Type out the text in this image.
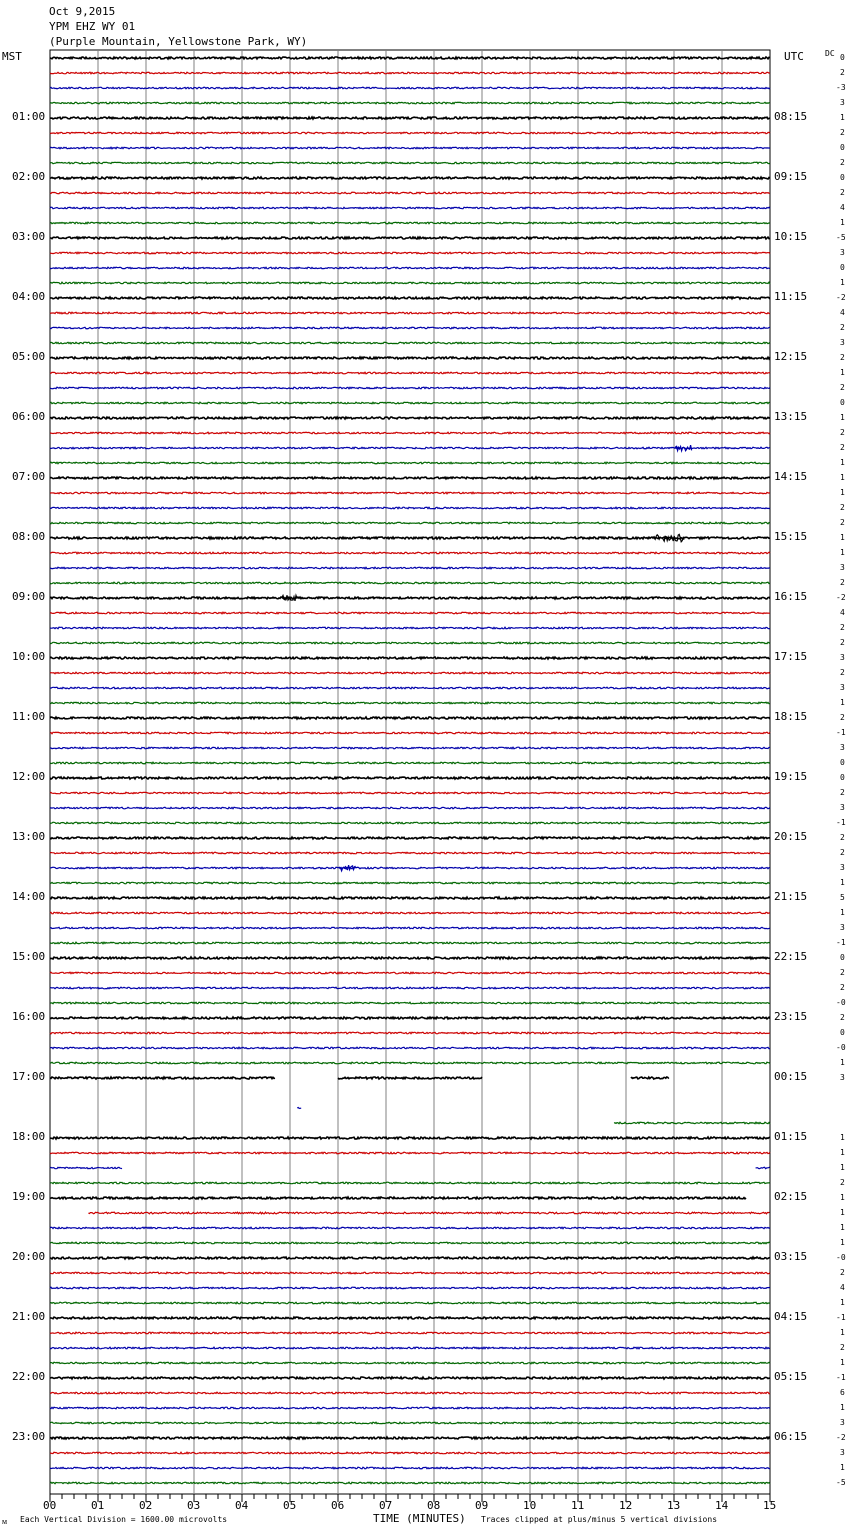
Oct 9,2015
YPM EHZ WY 01
(Purple Mountain, Yellowstone Park, WY)
MST	UTC	DC
00	01	02	03	04	05	06	07	08	09	10	11	12	13	14	15
01:00
02:00
03:00
04:00
05:00
06:00
07:00
08:00
09:00
10:00
11:00
12:00
13:00
14:00
15:00
16:00
17:00
18:00
19:00
20:00
21:00
22:00
23:00
08:15
09:15
10:15
11:15
12:15
13:15
14:15
15:15
16:15
17:15
18:15
19:15
20:15
21:15
22:15
23:15
00:15
01:15
02:15
03:15
04:15
05:15
06:15
0
2
-3
3
1
2
0
2
0
2
4
1
-5
3
0
1
-2
4
2
3
2
1
2
0
1
2
2
1
1
1
2
2
1
1
3
2
-2
4
2
2
3
2
3
1
2
-1
3
0
0
2
3
-1
2
2
3
1
5
1
3
-1
0
2
2
-0
2
0
-0
1
3
1
1
1
2
1
1
1
1
-0
2
4
1
-1
1
2
1
-1
6
1
3
-2
3
1
-5
ᴍ Each Vertical Division = 1600.00 microvolts	TIME (MINUTES) Traces clipped at plus/minus 5 vertical divisions
